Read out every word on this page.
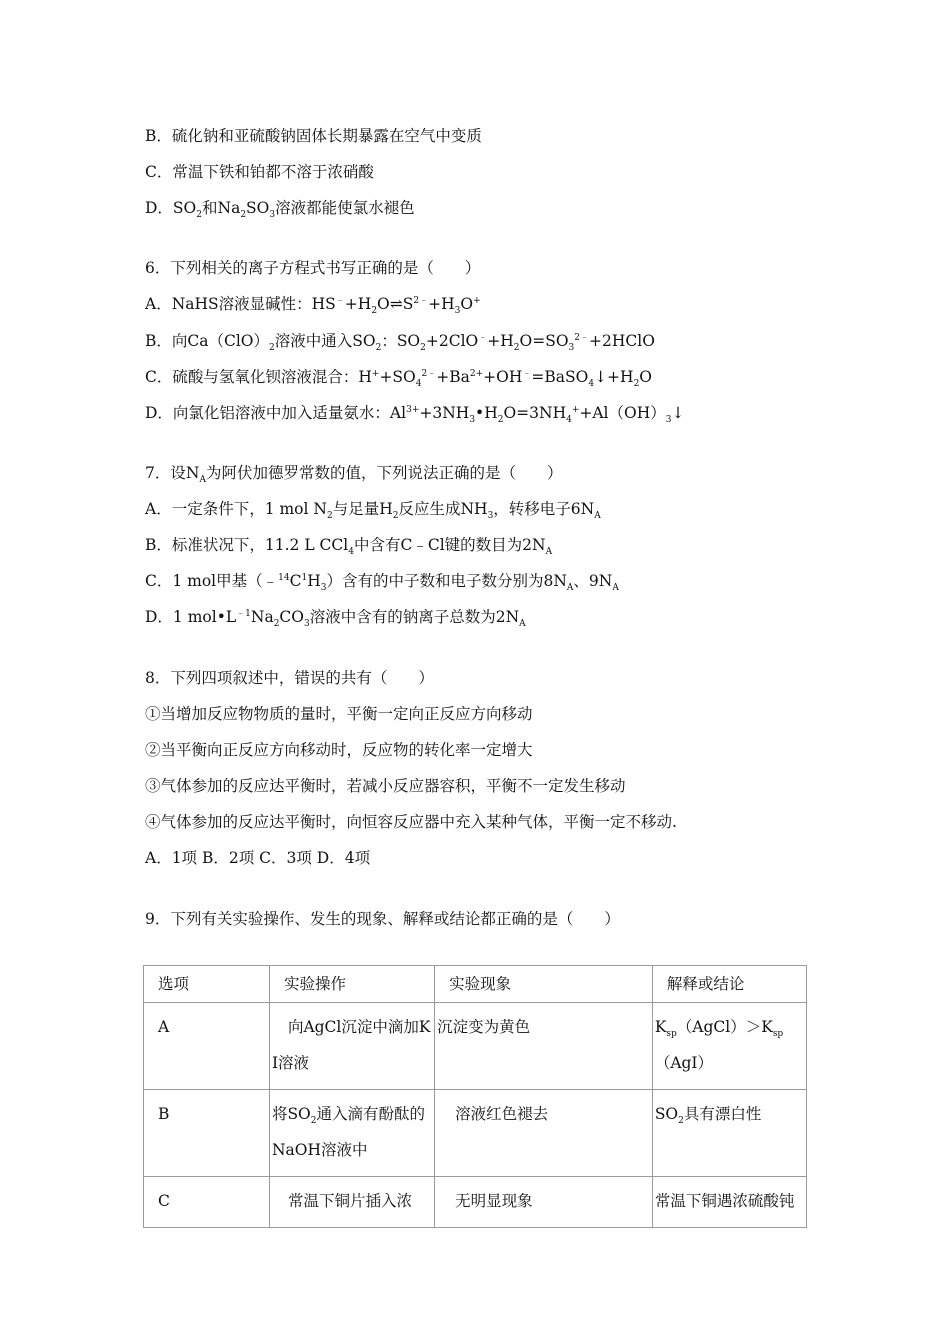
B．硫化钠和亚硫酸钠固体长期暴露在空气中变质
C．常温下铁和铂都不溶于浓硝酸
D．$SO_2$和$Na_2SO_3$溶液都能使氯水褪色
6．下列相关的离子方程式书写正确的是（　　）
A．NaHS溶液显碱性：$HS^﹣+H_2O\rightleftharpoons S^{2﹣}+H_3O^+$
B．向$Ca(ClO)_2$溶液中通入$SO_2$：$SO_2+2ClO^﹣+H_2O=SO_3^{2﹣}+2HClO$
C．硫酸与氢氧化钡溶液混合：$H^++SO_4^{2﹣}+Ba^{2+}+OH^﹣=BaSO_4↓+H_2O$
D．向氯化铝溶液中加入适量氨水：$Al^{3+}+3NH_3•H_2O=3NH_4^++Al(OH)_3↓$
7．设$N_A$为阿伏加德罗常数的值，下列说法正确的是（　　）
A．一定条件下，1 mol $N_2$与足量$H_2$反应生成$NH_3$，转移电子$6N_A$
B．标准状况下，11.2 L CCl$_4$中含有C﹣Cl键的数目为$2N_A$
C．1 mol甲基$(﹣^{14}C^1H_3)$含有的中子数和电子数分别为$8N_A$、$9N_A$
D．1 $mol•L^{﹣1}Na_2CO_3$溶液中含有的钠离子总数为$2N_A$
8．下列四项叙述中，错误的共有（　　）
①当增加反应物物质的量时，平衡一定向正反应方向移动
②当平衡向正反应方向移动时，反应物的转化率一定增大
③气体参加的反应达平衡时，若减小反应器容积，平衡不一定发生移动
④气体参加的反应达平衡时，向恒容反应器中充入某种气体，平衡一定不移动.
A．1项 B．2项 C．3项 D．4项
9．下列有关实验操作、发生的现象、解释或结论都正确的是（　　）
选项	实验操作	实验现象	解释或结论
A	向AgCl沉淀中滴加KI溶液	沉淀变为黄色	$K_{sp}(AgCl)>K_{sp}(AgI)$
B	将$SO_2$通入滴有酚酞的NaOH溶液中	溶液红色褪去	$SO_2$具有漂白性
C	常温下铜片插入浓	无明显现象	常温下铜遇浓硫酸钝
